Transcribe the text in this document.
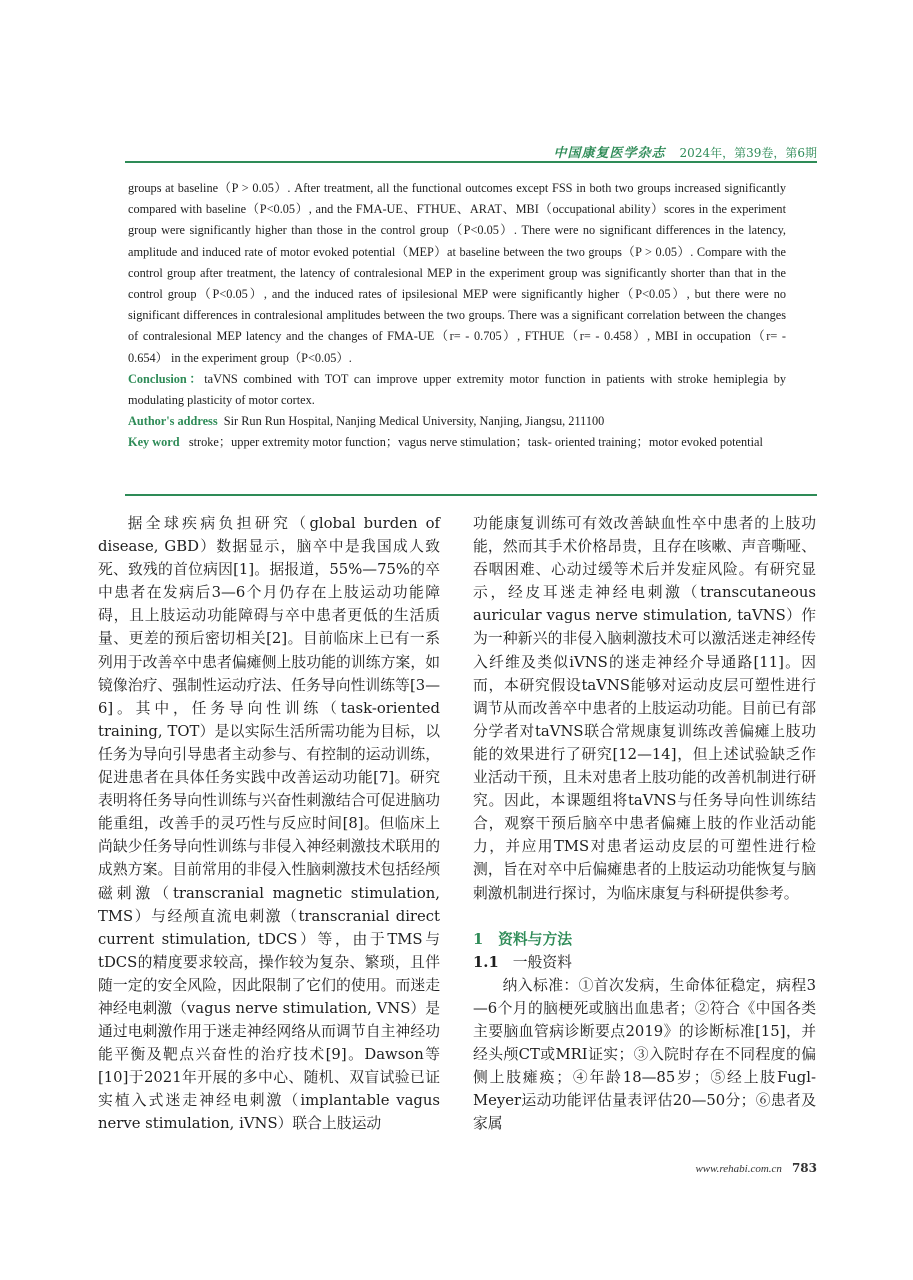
中国康复医学杂志 2024年，第39卷，第6期

groups at baseline（P > 0.05）. After treatment, all the functional outcomes except FSS in both two groups increased significantly compared with baseline（P<0.05）, and the FMA-UE、FTHUE、ARAT、MBI（occupational ability）scores in the experiment group were significantly higher than those in the control group（P<0.05）. There were no significant differences in the latency, amplitude and induced rate of motor evoked potential（MEP）at baseline between the two groups（P > 0.05）. Compare with the control group after treatment, the latency of contralesional MEP in the experiment group was significantly shorter than that in the control group（P<0.05）, and the induced rates of ipsilesional MEP were significantly higher（P<0.05）, but there were no significant differences in contralesional amplitudes between the two groups. There was a significant correlation between the changes of contralesional MEP latency and the changes of FMA-UE（r= - 0.705）, FTHUE（r= - 0.458）, MBI in occupation（r= - 0.654） in the experiment group（P<0.05）.

Conclusion：taVNS combined with TOT can improve upper extremity motor function in patients with stroke hemiplegia by modulating plasticity of motor cortex.

Author's address Sir Run Run Hospital, Nanjing Medical University, Nanjing, Jiangsu, 211100

Key word stroke；upper extremity motor function；vagus nerve stimulation；task- oriented training；motor evoked potential

据全球疾病负担研究（global burden of disease, GBD）数据显示，脑卒中是我国成人致死、致残的首位病因[1]。据报道，55%—75%的卒中患者在发病后3—6个月仍存在上肢运动功能障碍，且上肢运动功能障碍与卒中患者更低的生活质量、更差的预后密切相关[2]。目前临床上已有一系列用于改善卒中患者偏瘫侧上肢功能的训练方案，如镜像治疗、强制性运动疗法、任务导向性训练等[3—6]。其中，任务导向性训练（task-oriented training, TOT）是以实际生活所需功能为目标，以任务为导向引导患者主动参与、有控制的运动训练，促进患者在具体任务实践中改善运动功能[7]。研究表明将任务导向性训练与兴奋性刺激结合可促进脑功能重组，改善手的灵巧性与反应时间[8]。但临床上尚缺少任务导向性训练与非侵入神经刺激技术联用的成熟方案。目前常用的非侵入性脑刺激技术包括经颅磁刺激（transcranial magnetic stimulation, TMS）与经颅直流电刺激（transcranial direct current stimulation, tDCS）等，由于TMS与tDCS的精度要求较高，操作较为复杂、繁琐，且伴随一定的安全风险，因此限制了它们的使用。而迷走神经电刺激（vagus nerve stimulation, VNS）是通过电刺激作用于迷走神经网络从而调节自主神经功能平衡及靶点兴奋性的治疗技术[9]。Dawson等[10]于2021年开展的多中心、随机、双盲试验已证实植入式迷走神经电刺激（implantable vagus nerve stimulation, iVNS）联合上肢运动

功能康复训练可有效改善缺血性卒中患者的上肢功能，然而其手术价格昂贵，且存在咳嗽、声音嘶哑、吞咽困难、心动过缓等术后并发症风险。有研究显示，经皮耳迷走神经电刺激（transcutaneous auricular vagus nerve stimulation, taVNS）作为一种新兴的非侵入脑刺激技术可以激活迷走神经传入纤维及类似iVNS的迷走神经介导通路[11]。因而，本研究假设taVNS能够对运动皮层可塑性进行调节从而改善卒中患者的上肢运动功能。目前已有部分学者对taVNS联合常规康复训练改善偏瘫上肢功能的效果进行了研究[12—14]，但上述试验缺乏作业活动干预，且未对患者上肢功能的改善机制进行研究。因此，本课题组将taVNS与任务导向性训练结合，观察干预后脑卒中患者偏瘫上肢的作业活动能力，并应用TMS对患者运动皮层的可塑性进行检测，旨在对卒中后偏瘫患者的上肢运动功能恢复与脑刺激机制进行探讨，为临床康复与科研提供参考。

1　资料与方法

1.1 一般资料

纳入标准：①首次发病，生命体征稳定，病程3—6个月的脑梗死或脑出血患者；②符合《中国各类主要脑血管病诊断要点2019》的诊断标准[15]，并经头颅CT或MRI证实；③入院时存在不同程度的偏侧上肢瘫痪；④年龄18—85岁；⑤经上肢Fugl-Meyer运动功能评估量表评估20—50分；⑥患者及家属

www.rehabi.com.cn 783
